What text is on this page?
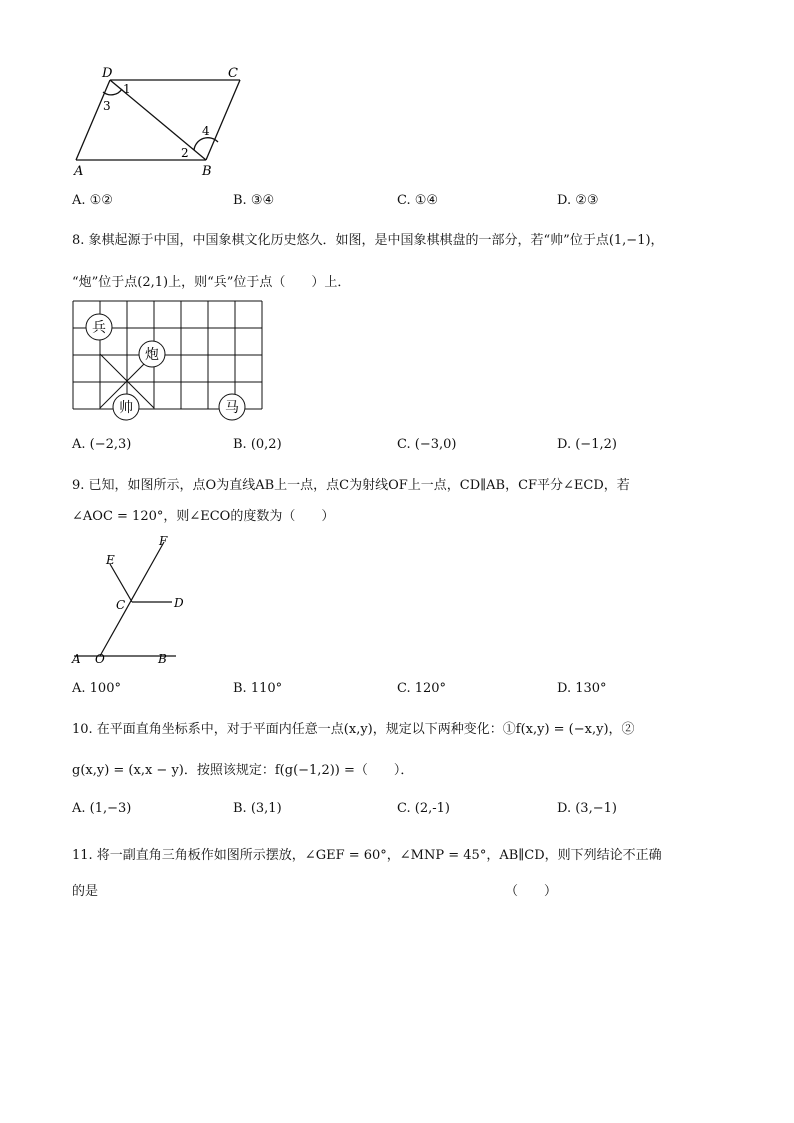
D	C
A	B
1
3
2
4
A. ①②	B. ③④	C. ①④	D. ②③
8. 象棋起源于中国，中国象棋文化历史悠久．如图，是中国象棋棋盘的一部分，若“帅”位于点(1,−1)，
“炮”位于点(2,1)上，则“兵”位于点（　　）上．
兵
炮
帅	马
A. (−2,3)	B. (0,2)	C. (−3,0)	D. (−1,2)
9. 已知，如图所示，点O为直线AB上一点，点C为射线OF上一点，CD∥AB，CF平分∠ECD，若
∠AOC = 120°，则∠ECO的度数为（　　）
E
F
C	D
A O	B
A. 100°	B. 110°	C. 120°	D. 130°
10. 在平面直角坐标系中，对于平面内任意一点(x,y)，规定以下两种变化：①f(x,y) = (−x,y)，②
g(x,y) = (x,x − y)．按照该规定：f(g(−1,2)) =（　　）．
A. (1,−3)	B. (3,1)	C. (2,-1)	D. (3,−1)
11. 将一副直角三角板作如图所示摆放，∠GEF = 60°，∠MNP = 45°，AB∥CD，则下列结论不正确
的是	（　　）
